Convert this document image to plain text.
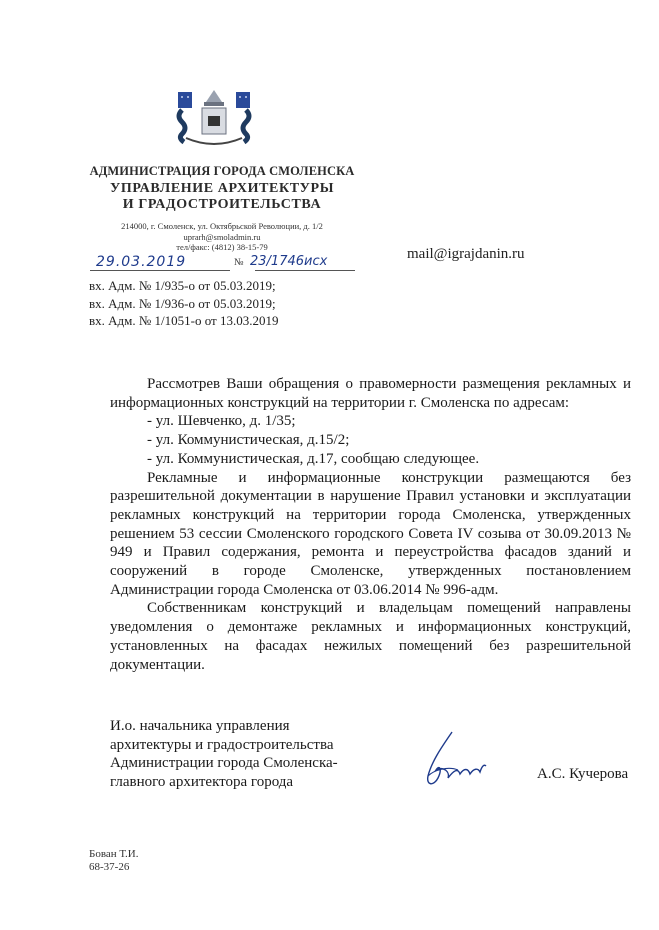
АДМИНИСТРАЦИЯ ГОРОДА СМОЛЕНСКА
УПРАВЛЕНИЕ АРХИТЕКТУРЫ
И ГРАДОСТРОИТЕЛЬСТВА
214000, г. Смоленск, ул. Октябрьской Революции, д. 1/2
uprarh@smoladmin.ru
тел/факс: (4812) 38-15-79
29.03.2019	№ 23/1746исх	mail@igrajdanin.ru
вх. Адм. № 1/935-о от 05.03.2019;
вх. Адм. № 1/936-о от 05.03.2019;
вх. Адм. № 1/1051-о от 13.03.2019

Рассмотрев Ваши обращения о правомерности размещения рекламных и информационных конструкций на территории г. Смоленска по адресам:

- ул. Шевченко, д. 1/35;

- ул. Коммунистическая, д.15/2;

- ул. Коммунистическая, д.17, сообщаю следующее.

Рекламные и информационные конструкции размещаются без разрешительной документации в нарушение Правил установки и эксплуатации рекламных конструкций на территории города Смоленска, утвержденных решением 53 сессии Смоленского городского Совета IV созыва от 30.09.2013 № 949 и Правил содержания, ремонта и переустройства фасадов зданий и сооружений в городе Смоленске, утвержденных постановлением Администрации города Смоленска от 03.06.2014 № 996-адм.

Собственникам конструкций и владельцам помещений направлены уведомления о демонтаже рекламных и информационных конструкций, установленных на фасадах нежилых помещений без разрешительной документации.

И.о. начальника управления
архитектуры и градостроительства
Администрации города Смоленска-
главного архитектора города	А.С. Кучерова
Бован Т.И.
68-37-26
